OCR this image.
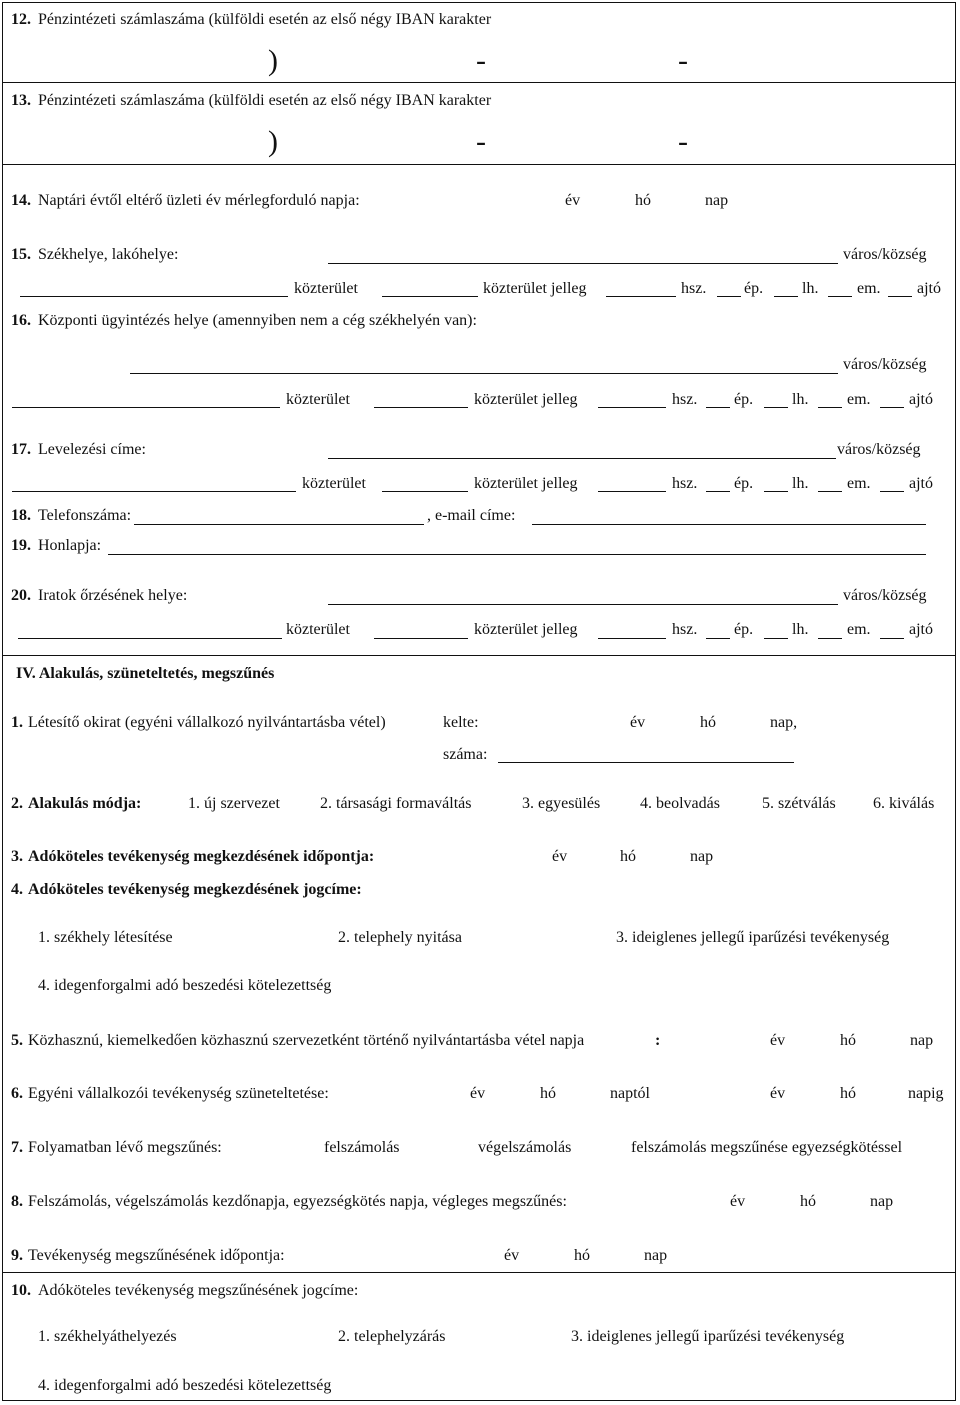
12. Pénzintézeti számlaszáma (külföldi esetén az első négy IBAN karakter
)	-	-
13. Pénzintézeti számlaszáma (külföldi esetén az első négy IBAN karakter
)	-	-
14. Naptári évtől eltérő üzleti év mérlegforduló napja:	év	hó	nap
15. Székhelye, lakóhelye:	város/község
közterület	közterület jelleg	hsz. ép. lh. em. ajtó
16. Központi ügyintézés helye (amennyiben nem a cég székhelyén van):
város/község
közterület	közterület jelleg	hsz. ép. lh. em. ajtó
17. Levelezési címe:	város/község
közterület	közterület jelleg	hsz. ép. lh. em. ajtó
18. Telefonszáma:	, e-mail címe:
19. Honlapja:
20. Iratok őrzésének helye:	város/község
közterület	közterület jelleg	hsz. ép. lh. em. ajtó
IV. Alakulás, szüneteltetés, megszűnés
1. Létesítő okirat (egyéni vállalkozó nyilvántartásba vétel)	kelte:	év	hó	nap,
száma:
2. Alakulás módja:	1. új szervezet	2. társasági formaváltás	3. egyesülés 4. beolvadás	5. szétválás 6. kiválás
3. Adóköteles tevékenység megkezdésének időpontja:	év	hó	nap
4. Adóköteles tevékenység megkezdésének jogcíme:
1. székhely létesítése	2. telephely nyitása	3. ideiglenes jellegű iparűzési tevékenység
4. idegenforgalmi adó beszedési kötelezettség
5. Közhasznú, kiemelkedően közhasznú szervezetként történő nyilvántartásba vétel napja	:	év	hó	nap
6. Egyéni vállalkozói tevékenység szüneteltetése:	év	hó	naptól	év	hó	napig
7. Folyamatban lévő megszűnés:	felszámolás	végelszámolás	felszámolás megszűnése egyezségkötéssel
8. Felszámolás, végelszámolás kezdőnapja, egyezségkötés napja, végleges megszűnés:	év	hó	nap
9. Tevékenység megszűnésének időpontja:	év	hó	nap
10. Adóköteles tevékenység megszűnésének jogcíme:
1. székhelyáthelyezés	2. telephelyzárás	3. ideiglenes jellegű iparűzési tevékenység
4. idegenforgalmi adó beszedési kötelezettség
